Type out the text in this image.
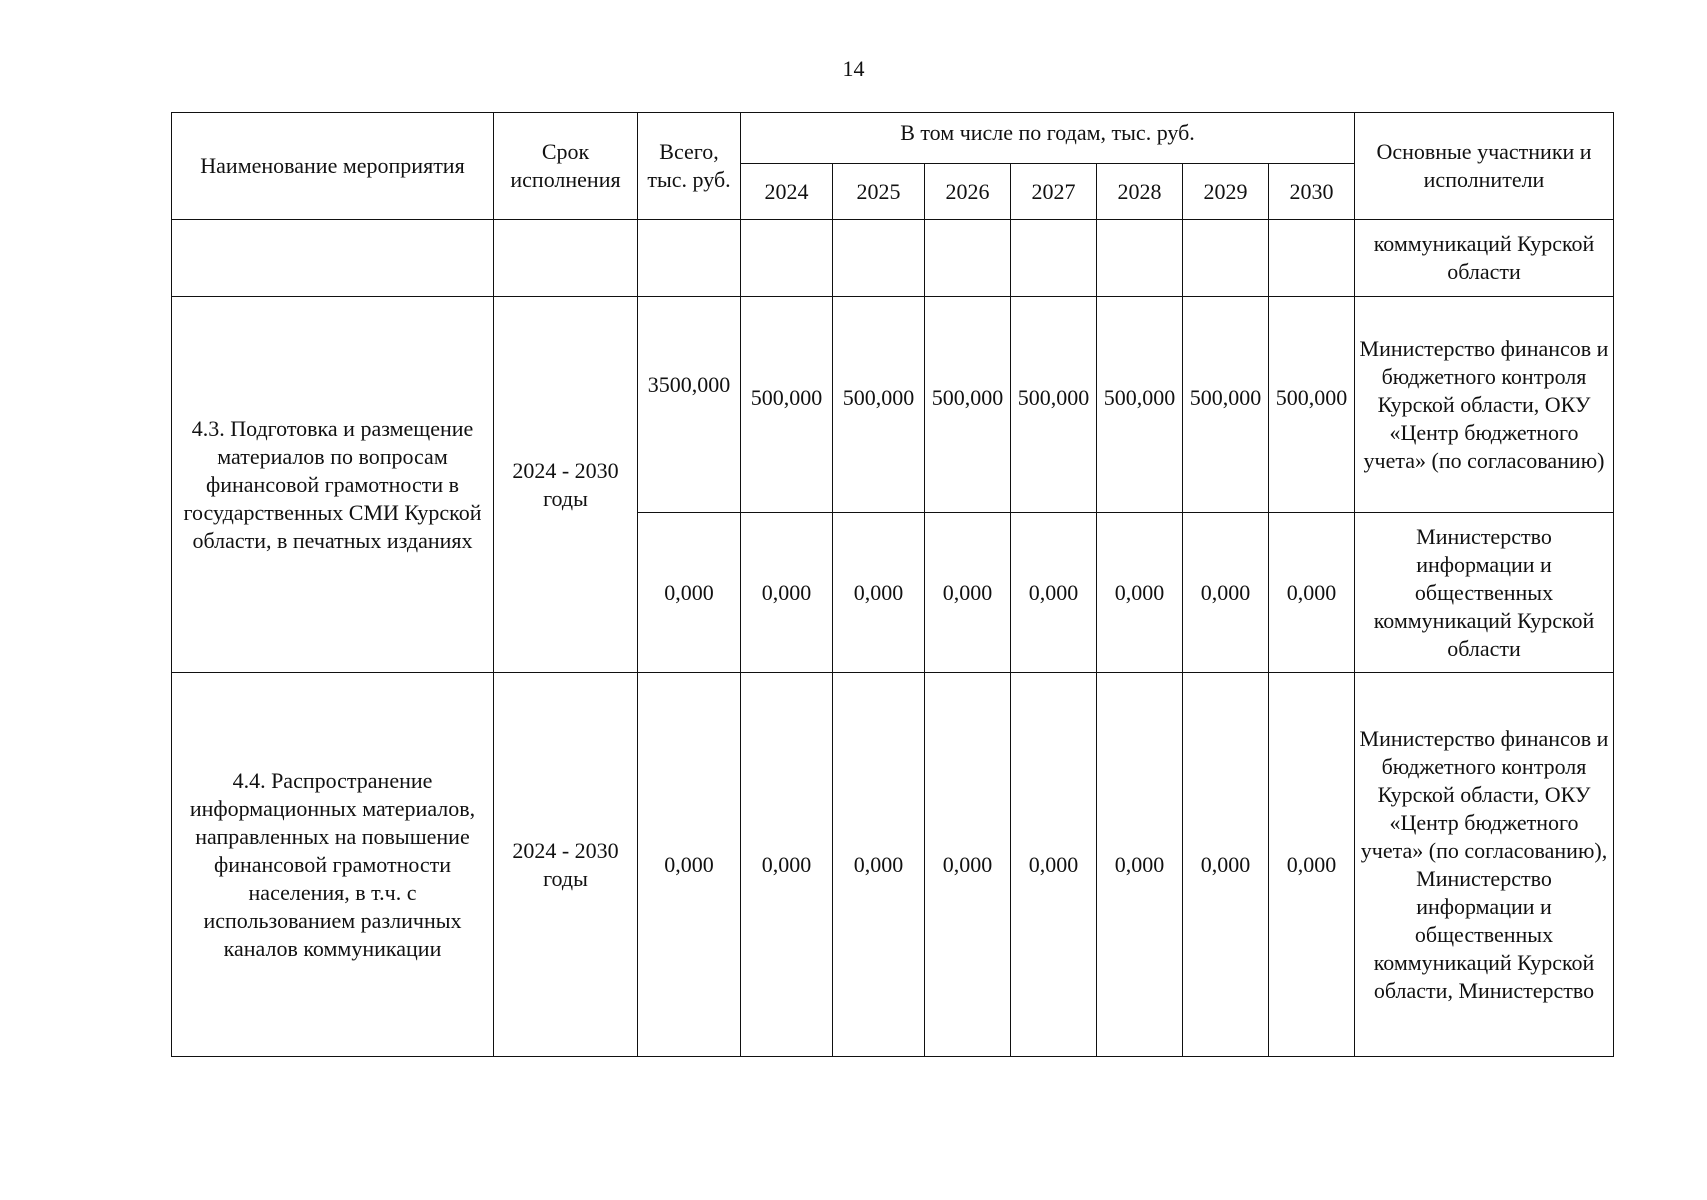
14
Наименование мероприятия	Срок исполнения	Всего, тыс. руб.	В том числе по годам, тыс. руб.							Основные участники и исполнители
			2024	2025	2026	2027	2028	2029	2030	
										коммуникаций Курской области
4.3. Подготовка и размещение материалов по вопросам финансовой грамотности в государственных СМИ Курской области, в печатных изданиях	2024 - 2030 годы	3500,000	500,000	500,000	500,000	500,000	500,000	500,000	500,000	Министерство финансов и бюджетного контроля Курской области, ОКУ «Центр бюджетного учета» (по согласованию)
		0,000	0,000	0,000	0,000	0,000	0,000	0,000	0,000	Министерство информации и общественных коммуникаций Курской области
4.4. Распространение информационных материалов, направленных на повышение финансовой грамотности населения, в т.ч. с использованием различных каналов коммуникации	2024 - 2030 годы	0,000	0,000	0,000	0,000	0,000	0,000	0,000	0,000	Министерство финансов и бюджетного контроля Курской области, ОКУ «Центр бюджетного учета» (по согласованию), Министерство информации и общественных коммуникаций Курской области, Министерство
